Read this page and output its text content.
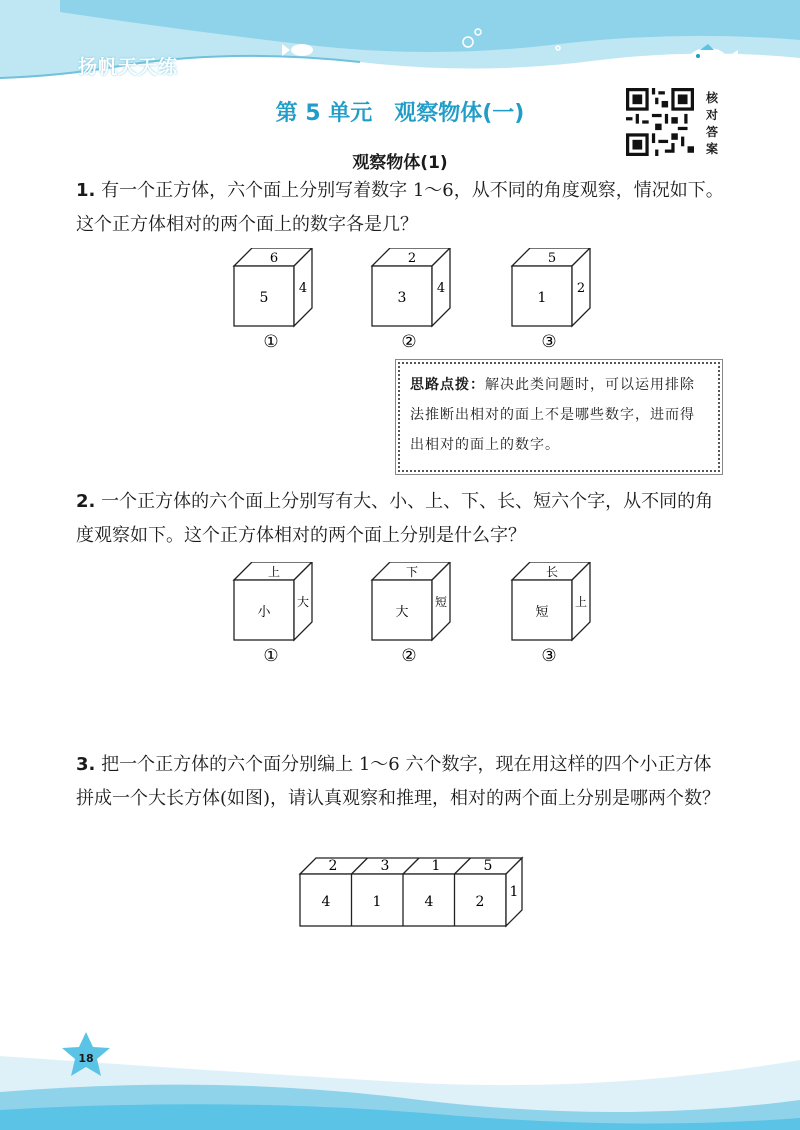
扬帆天天练
第 5 单元　观察物体(一)
核
对
答
案
观察物体(1)
1. 有一个正方体，六个面上分别写着数字 1～6，从不同的角度观察，情况如下。这个正方体相对的两个面上的数字各是几？
6
5
4
①
2
3
4
②
5
1
2
③
思路点拨：解决此类问题时，可以运用排除法推断出相对的面上不是哪些数字，进而得出相对的面上的数字。
2. 一个正方体的六个面上分别写有大、小、上、下、长、短六个字，从不同的角度观察如下。这个正方体相对的两个面上分别是什么字？
上
小
大
①
下
大
短
②
长
短
上
③
3. 把一个正方体的六个面分别编上 1～6 六个数字，现在用这样的四个小正方体拼成一个大长方体(如图)，请认真观察和推理，相对的两个面上分别是哪两个数？
2	3	1	5
4	1	4	2
1
18
